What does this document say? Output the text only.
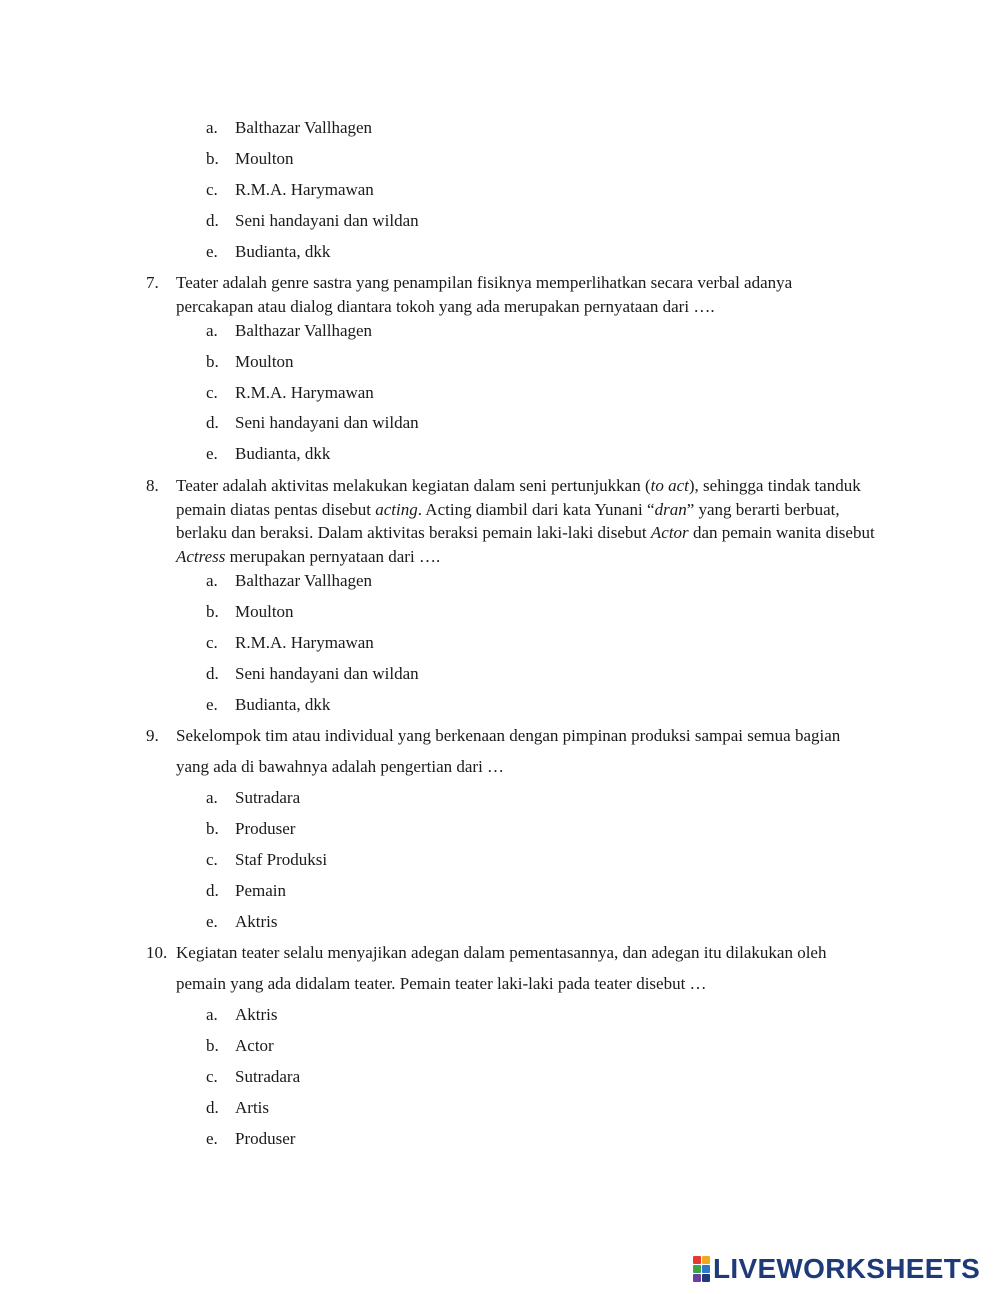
a. Balthazar Vallhagen
b. Moulton
c. R.M.A. Harymawan
d. Seni handayani dan wildan
e. Budianta, dkk
7. Teater adalah genre sastra yang penampilan fisiknya memperlihatkan secara verbal adanya
percakapan atau dialog diantara tokoh yang ada merupakan pernyataan dari ….
a. Balthazar Vallhagen
b. Moulton
c. R.M.A. Harymawan
d. Seni handayani dan wildan
e. Budianta, dkk
8. Teater adalah aktivitas melakukan kegiatan dalam seni pertunjukkan (to act), sehingga tindak tanduk pemain diatas pentas disebut acting. Acting diambil dari kata Yunani “dran” yang berarti berbuat, berlaku dan beraksi. Dalam aktivitas beraksi pemain laki-laki disebut Actor dan pemain wanita disebut Actress merupakan pernyataan dari ….

a. Balthazar Vallhagen
b. Moulton
c. R.M.A. Harymawan
d. Seni handayani dan wildan
e. Budianta, dkk
9. Sekelompok tim atau individual yang berkenaan dengan pimpinan produksi sampai semua bagian
yang ada di bawahnya adalah pengertian dari …
a. Sutradara
b. Produser
c. Staf Produksi
d. Pemain
e. Aktris
10. Kegiatan teater selalu menyajikan adegan dalam pementasannya, dan adegan itu dilakukan oleh
pemain yang ada didalam teater. Pemain teater laki-laki pada teater disebut …
a. Aktris
b. Actor
c. Sutradara
d. Artis
e. Produser
LIVEWORKSHEETS
